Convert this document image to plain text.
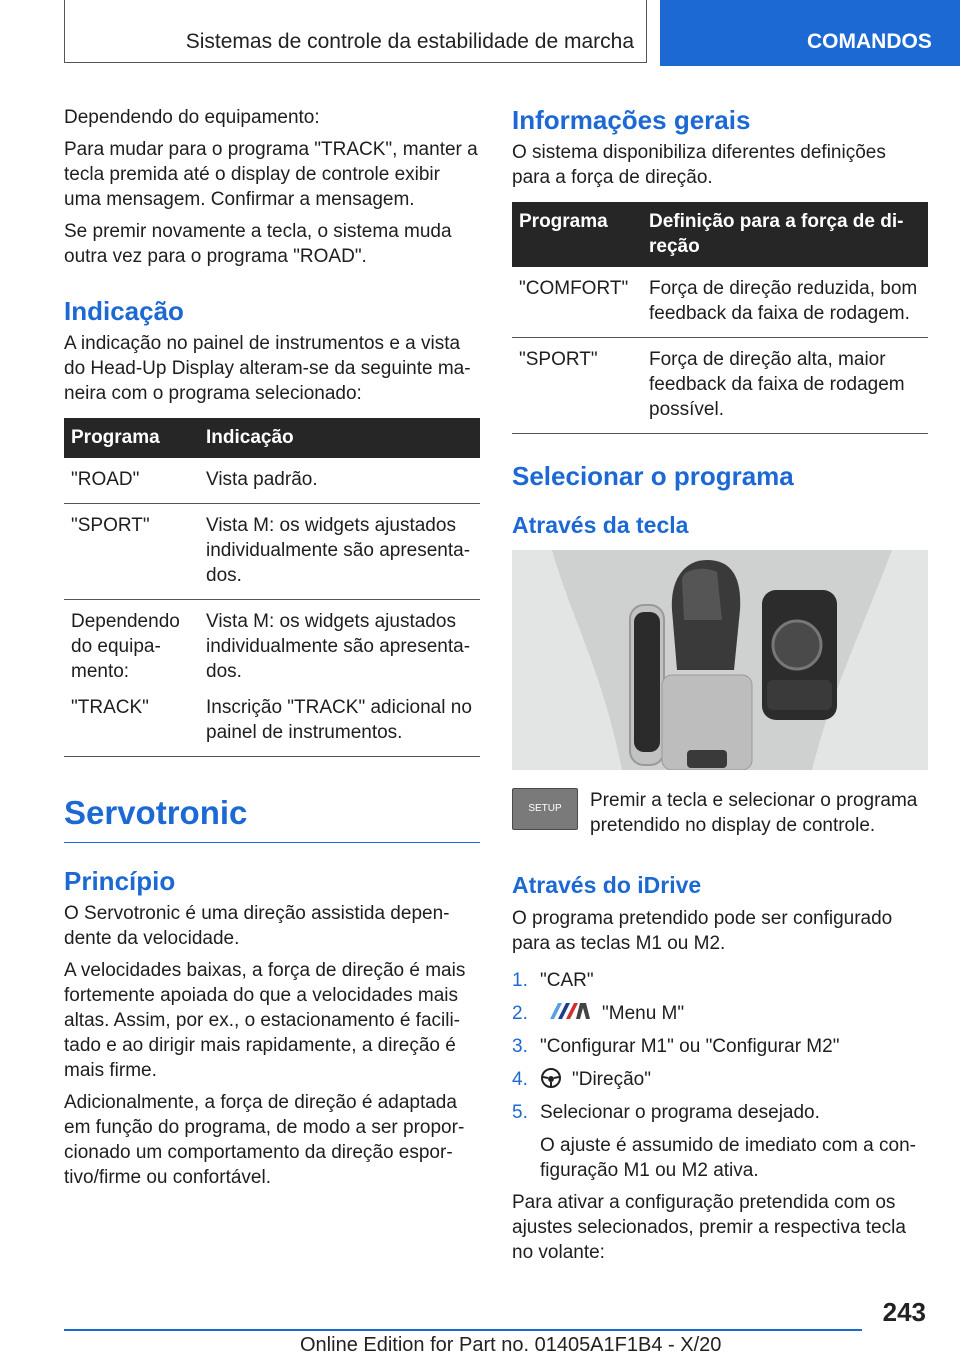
Sistemas de controle da estabilidade de marcha	COMANDOS

Dependendo do equipamento:

Para mudar para o programa "TRACK", manter a tecla premida até o display de controle exibir uma mensagem. Confirmar a mensagem.

Se premir novamente a tecla, o sistema muda outra vez para o programa "ROAD".

Indicação

A indicação no painel de instrumentos e a vista do Head-Up Display alteram-se da seguinte ma-neira com o programa selecionado:

Programa	Indicação
"ROAD"	Vista padrão.
"SPORT"	Vista M: os widgets ajustados individualmente são apresenta-dos.
Dependendo do equipa-mento:	Vista M: os widgets ajustados individualmente são apresenta-dos.
"TRACK"	Inscrição "TRACK" adicional no painel de instrumentos.
Servotronic
Princípio

O Servotronic é uma direção assistida depen-dente da velocidade.

A velocidades baixas, a força de direção é mais fortemente apoiada do que a velocidades mais altas. Assim, por ex., o estacionamento é facili-tado e ao dirigir mais rapidamente, a direção é mais firme.

Adicionalmente, a força de direção é adaptada em função do programa, de modo a ser propor-cionado um comportamento da direção espor-tivo/firme ou confortável.

Informações gerais

O sistema disponibiliza diferentes definições para a força de direção.

Programa	Definição para a força de di-reção
"COMFORT"	Força de direção reduzida, bom feedback da faixa de rodagem.
"SPORT"	Força de direção alta, maior feedback da faixa de rodagem possível.
Selecionar o programa
Através da tecla
SETUP	Premir a tecla e selecionar o programa pretendido no display de controle.
Através do iDrive

O programa pretendido pode ser configurado para as teclas M1 ou M2.

1. "CAR"
2.	"Menu M"
3. "Configurar M1" ou "Configurar M2"
4.	"Direção"
5. Selecionar o programa desejado.

O ajuste é assumido de imediato com a con-figuração M1 ou M2 ativa.

Para ativar a configuração pretendida com os ajustes selecionados, premir a respectiva tecla no volante:

243
Online Edition for Part no. 01405A1F1B4 - X/20
